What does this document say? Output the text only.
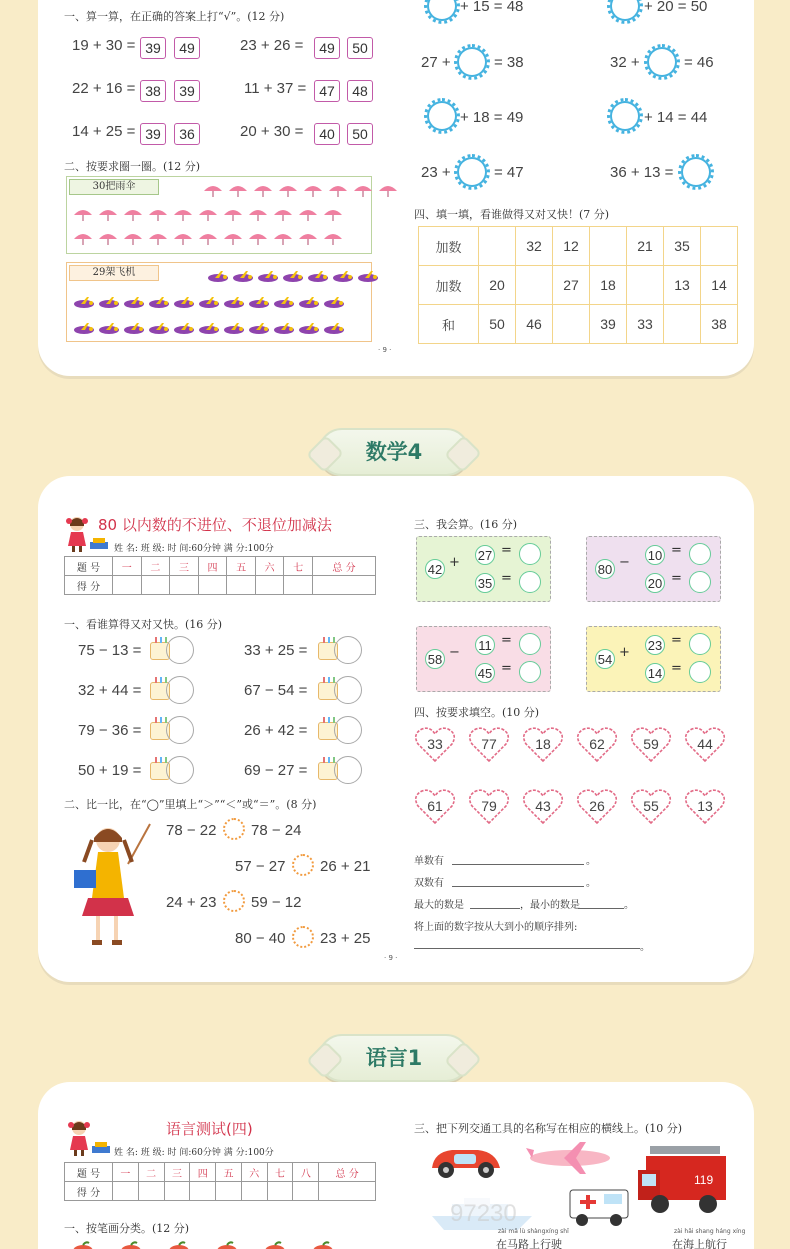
一、算一算，在正确的答案上打“√”。(12 分)
19 + 30 = 39	49	23 + 26 =	49	50
22 + 16 = 38	39	11 + 37 = 47	48
14 + 25 = 39	36	20 + 30 =	40	50
二、按要求圈一圈。(12 分)
30把雨伞
29架飞机
+ 15 = 48	+ 20 = 50
27 +	= 38	32 +	= 46
+ 18 = 49	+ 14 = 44
23 +	= 47	36 + 13 =
四、填一填，看谁做得又对又快！(7 分)
加数		32	12		21	35	
加数	20		27	18		13	14
和	50	46		39	33		38
· 9 ·
数学4
80 以内数的不进位、不退位加减法
姓 名: 班 级: 时 间:60分钟 满 分:100分
题 号	一	二	三	四	五	六	七	总 分
得 分								
一、看谁算得又对又快。(16 分)
75 − 13 =
32 + 44 =
79 − 36 =
50 + 19 =
33 + 25 =
67 − 54 =
26 + 42 =
69 − 27 =
二、比一比，在“◯”里填上“＞”“＜”或“＝”。(8 分)
78 − 22 78 − 24
57 − 27 26 + 21
24 + 23 59 − 12
80 − 40 23 + 25
三、我会算。(16 分)
42 + 27
35
=
=
80 − 10
20
=
=
58 − 11
45
=
=
54 + 23
14
=
=
四、按要求填空。(10 分)
33	77	18	62	59	44
61	79	43	26	55	13
单数有	。
双数有	。
最大的数是	，最小的数是	。
将上面的数字按从大到小的顺序排列:
。
· 9 ·
语言1
语言测试(四)
姓 名: 班 级: 时 间:60分钟 满 分:100分
题 号	一	二	三	四	五	六	七	八	总 分
得 分									
一、按笔画分类。(12 分)
三、把下列交通工具的名称写在相应的横线上。(10 分)
119
zài mǎ lù shàngxíng shǐ
在马路上行驶
zài hǎi shang háng xíng
在海上航行
97230
